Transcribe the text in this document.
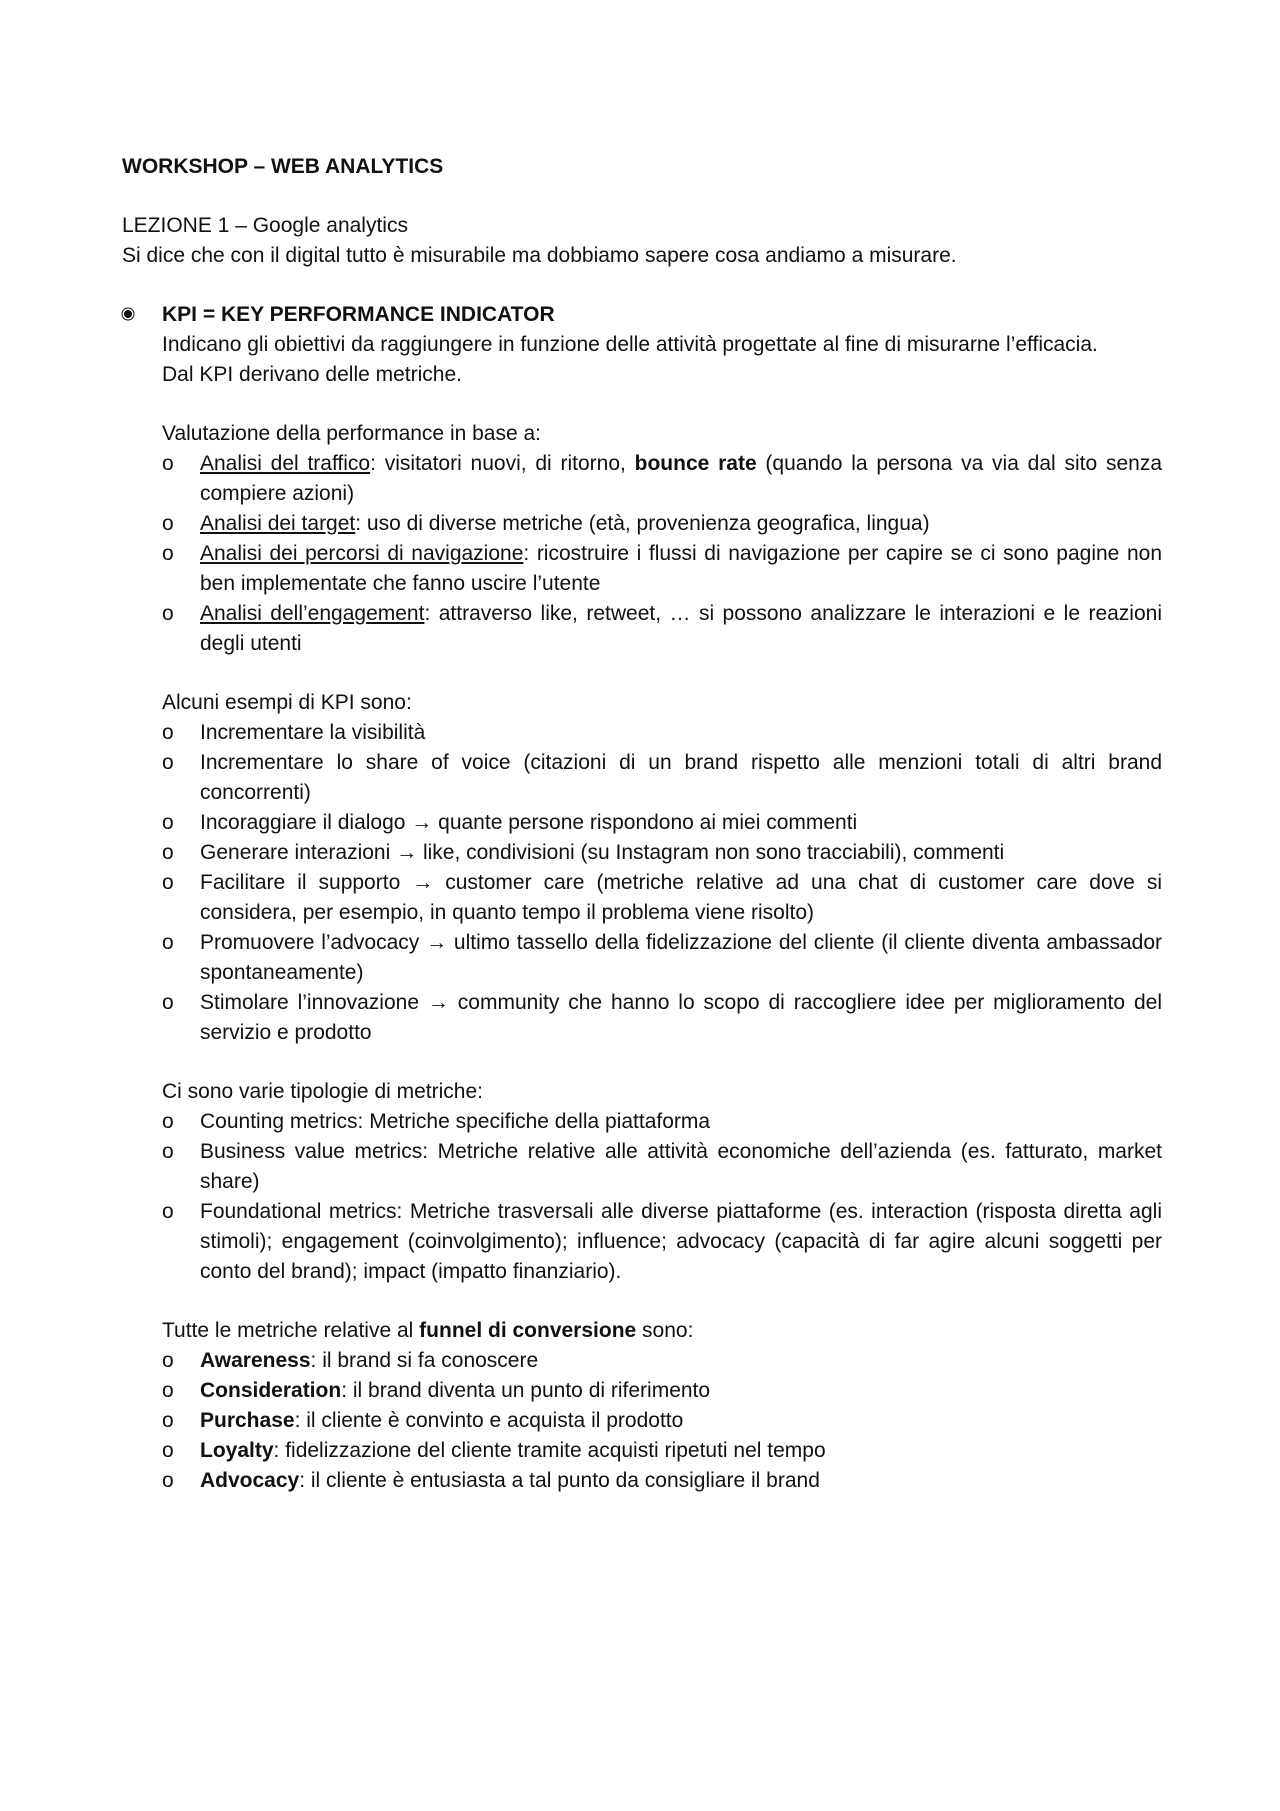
WORKSHOP – WEB ANALYTICS

LEZIONE 1 – Google analytics

Si dice che con il digital tutto è misurabile ma dobbiamo sapere cosa andiamo a misurare.

KPI = KEY PERFORMANCE INDICATOR

Indicano gli obiettivi da raggiungere in funzione delle attività progettate al fine di misurarne l’efficacia.

Dal KPI derivano delle metriche.

Valutazione della performance in base a:

o Analisi del traffico: visitatori nuovi, di ritorno, bounce rate (quando la persona va via dal sito senza compiere azioni)
o Analisi dei target: uso di diverse metriche (età, provenienza geografica, lingua)
o Analisi dei percorsi di navigazione: ricostruire i flussi di navigazione per capire se ci sono pagine non ben implementate che fanno uscire l’utente
o Analisi dell’engagement: attraverso like, retweet, … si possono analizzare le interazioni e le reazioni degli utenti

Alcuni esempi di KPI sono:

o Incrementare la visibilità
o Incrementare lo share of voice (citazioni di un brand rispetto alle menzioni totali di altri brand concorrenti)
o Incoraggiare il dialogo → quante persone rispondono ai miei commenti
o Generare interazioni → like, condivisioni (su Instagram non sono tracciabili), commenti
o Facilitare il supporto → customer care (metriche relative ad una chat di customer care dove si considera, per esempio, in quanto tempo il problema viene risolto)
o Promuovere l’advocacy → ultimo tassello della fidelizzazione del cliente (il cliente diventa ambassador spontaneamente)
o Stimolare l’innovazione → community che hanno lo scopo di raccogliere idee per miglioramento del servizio e prodotto

Ci sono varie tipologie di metriche:

o Counting metrics: Metriche specifiche della piattaforma
o Business value metrics: Metriche relative alle attività economiche dell’azienda (es. fatturato, market share)
o Foundational metrics: Metriche trasversali alle diverse piattaforme (es. interaction (risposta diretta agli stimoli); engagement (coinvolgimento); influence; advocacy (capacità di far agire alcuni soggetti per conto del brand); impact (impatto finanziario).

Tutte le metriche relative al funnel di conversione sono:

o Awareness: il brand si fa conoscere
o Consideration: il brand diventa un punto di riferimento
o Purchase: il cliente è convinto e acquista il prodotto
o Loyalty: fidelizzazione del cliente tramite acquisti ripetuti nel tempo
o Advocacy: il cliente è entusiasta a tal punto da consigliare il brand
